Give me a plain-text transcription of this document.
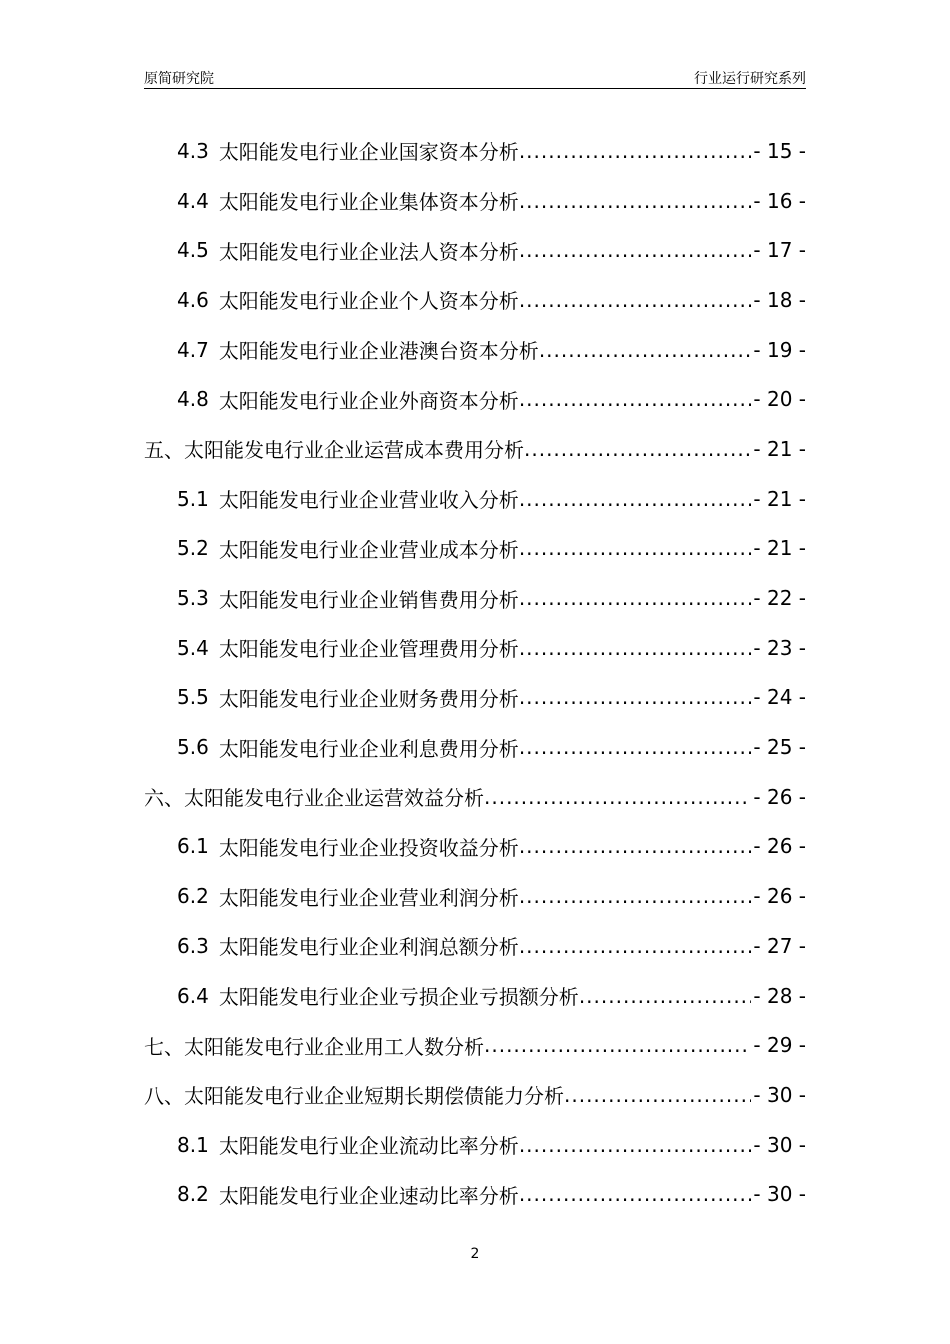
原简研究院	行业运行研究系列
4.3 太阳能发电行业企业国家资本分析 .....	- 15 -
4.4 太阳能发电行业企业集体资本分析 .....	- 16 -
4.5 太阳能发电行业企业法人资本分析 .....	- 17 -
4.6 太阳能发电行业企业个人资本分析 .....	- 18 -
4.7 太阳能发电行业企业港澳台资本分析 .....	- 19 -
4.8 太阳能发电行业企业外商资本分析 .....	- 20 -
五、太阳能发电行业企业运营成本费用分析 .....	- 21 -
5.1 太阳能发电行业企业营业收入分析 .....	- 21 -
5.2 太阳能发电行业企业营业成本分析 .....	- 21 -
5.3 太阳能发电行业企业销售费用分析 .....	- 22 -
5.4 太阳能发电行业企业管理费用分析 .....	- 23 -
5.5 太阳能发电行业企业财务费用分析 .....	- 24 -
5.6 太阳能发电行业企业利息费用分析 .....	- 25 -
六、太阳能发电行业企业运营效益分析 .....	- 26 -
6.1 太阳能发电行业企业投资收益分析 .....	- 26 -
6.2 太阳能发电行业企业营业利润分析 .....	- 26 -
6.3 太阳能发电行业企业利润总额分析 .....	- 27 -
6.4 太阳能发电行业企业亏损企业亏损额分析 .....	- 28 -
七、太阳能发电行业企业用工人数分析 .....	- 29 -
八、太阳能发电行业企业短期长期偿债能力分析 .....	- 30 -
8.1 太阳能发电行业企业流动比率分析 .....	- 30 -
8.2 太阳能发电行业企业速动比率分析 .....	- 30 -
2
